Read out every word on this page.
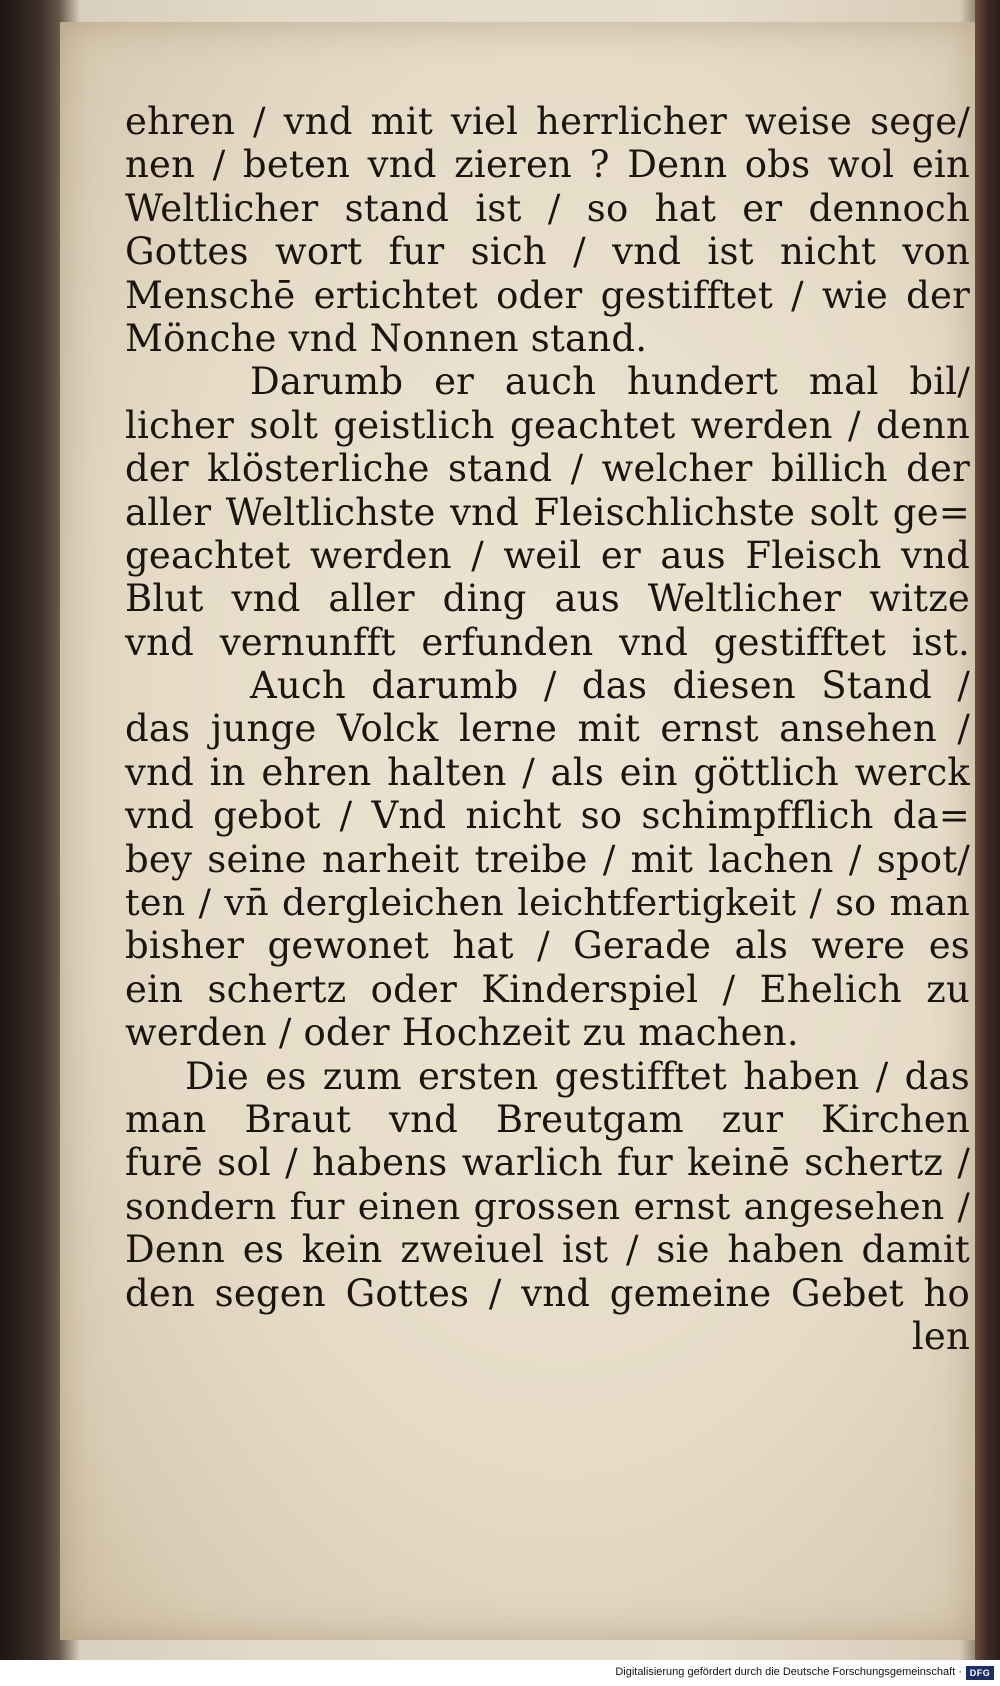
ehren / vnd mit viel herrlicher weise sege/
nen / beten vnd zieren ? Denn obs wol ein
Weltlicher stand ist / so hat er dennoch
Gottes wort fur sich / vnd ist nicht von
Menschē ertichtet oder gestifftet / wie der
Mönche vnd Nonnen stand.
Darumb er auch hundert mal bil/
licher solt geistlich geachtet werden / denn
der klösterliche stand / welcher billich der
aller Weltlichste vnd Fleischlichste solt ge=
geachtet werden / weil er aus Fleisch vnd
Blut vnd aller ding aus Weltlicher witze
vnd vernunfft erfunden vnd gestifftet ist.
Auch darumb / das diesen Stand /
das junge Volck lerne mit ernst ansehen /
vnd in ehren halten / als ein göttlich werck
vnd gebot / Vnd nicht so schimpfflich da=
bey seine narheit treibe / mit lachen / spot/
ten / vn̄ dergleichen leichtfertigkeit / so man
bisher gewonet hat / Gerade als were es
ein schertz oder Kinderspiel / Ehelich zu
werden / oder Hochzeit zu machen.
Die es zum ersten gestifftet haben / das
man Braut vnd Breutgam zur Kirchen
furē sol / habens warlich fur keinē schertz /
sondern fur einen grossen ernst angesehen /
Denn es kein zweiuel ist / sie haben damit
den segen Gottes / vnd gemeine Gebet ho
len
Digitalisierung gefördert durch die Deutsche Forschungsgemeinschaft · DFG
